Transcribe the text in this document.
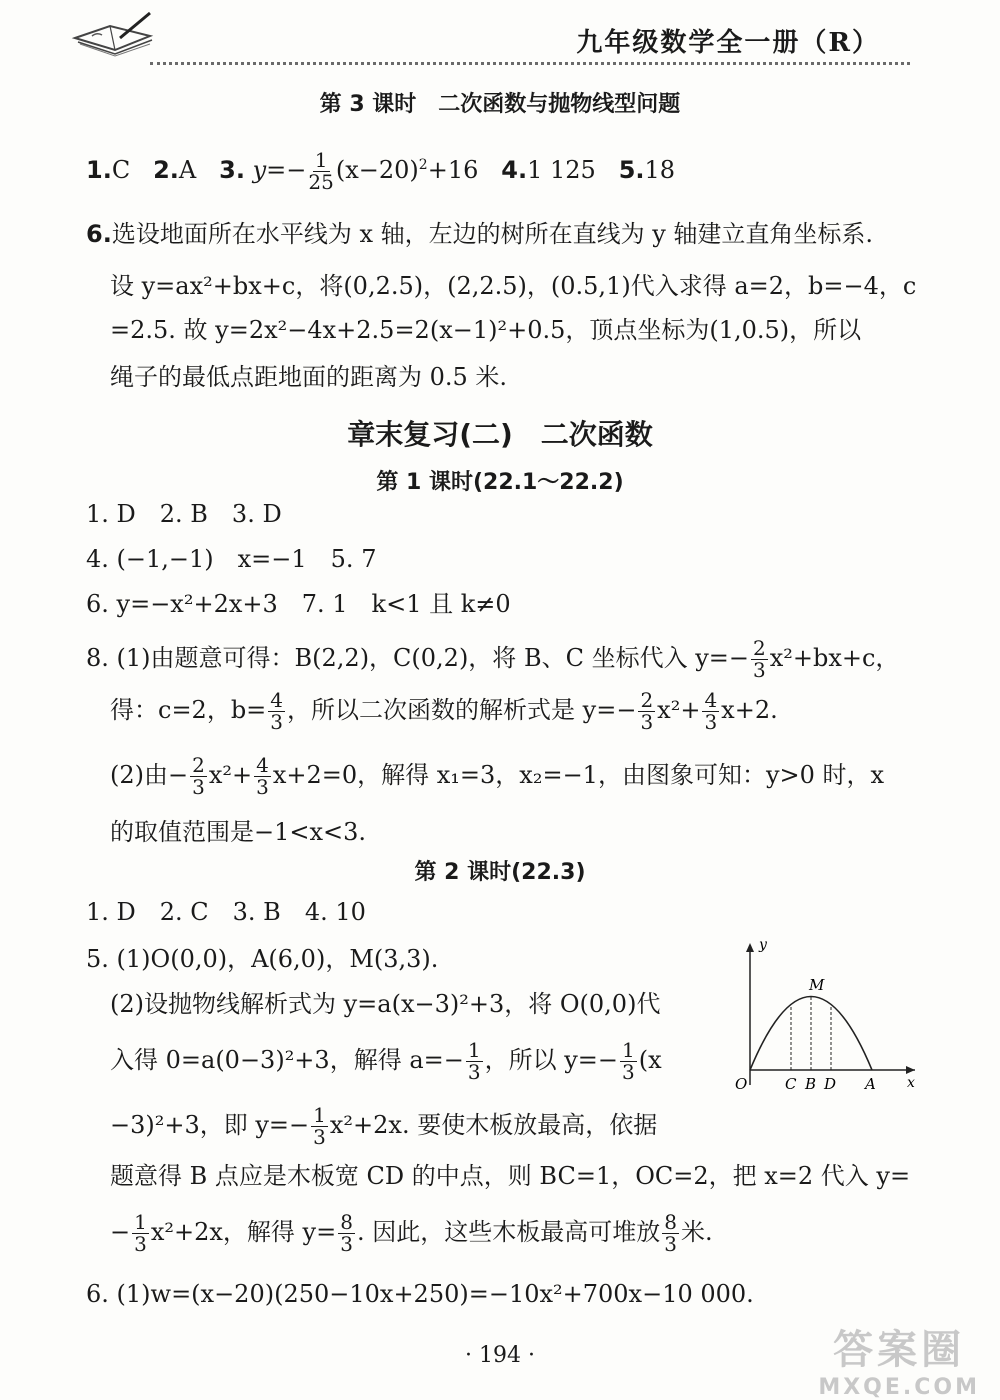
九年级数学全一册（R）
第 3 课时　二次函数与抛物线型问题
1.C 2.A 3. $y=- \frac{1}{25} (x-20)^2+16$ 4.1 125 5.18
6.选设地面所在水平线为 x 轴，左边的树所在直线为 y 轴建立直角坐标系.
设 y=ax²+bx+c，将(0,2.5)，(2,2.5)，(0.5,1)代入求得 a=2，b=−4，c
=2.5. 故 y=2x²−4x+2.5=2(x−1)²+0.5，顶点坐标为(1,0.5)，所以
绳子的最低点距地面的距离为 0.5 米.
章末复习(二)　二次函数
第 1 课时(22.1～22.2)
1. D　2. B　3. D
4. (−1,−1)　x=−1　5. 7
6. y=−x²+2x+3　7. 1　k<1 且 k≠0
8. (1)由题意可得：B(2,2)，C(0,2)，将 B、C 坐标代入 $y=- \frac{2}{3} x^2+bx+c$，
得：c=2，$b= \frac{4}{3}$ ，所以二次函数的解析式是 $y=- \frac{2}{3} x^2+ \frac{4}{3} x+2$.
(2)由− $\frac{2}{3} x^2+ \frac{4}{3} x+2=0$，解得 x₁=3，x₂=−1，由图象可知：y>0 时，x
的取值范围是−1<x<3.
第 2 课时(22.3)
1. D　2. C　3. B　4. 10
5. (1)O(0,0)，A(6,0)，M(3,3).
(2)设抛物线解析式为 y=a(x−3)²+3，将 O(0,0)代
入得 0=a(0−3)²+3，解得 $a=- \frac{1}{3}$ ，所以 $y=- \frac{1}{3} (x$
−3)²+3，即 $y=- \frac{1}{3} x^2+2x$. 要使木板放最高，依据
题意得 B 点应是木板宽 CD 的中点，则 BC=1，OC=2，把 x=2 代入 y=
− $\frac{1}{3} x^2+2x$，解得 $y= \frac{8}{3}$ . 因此，这些木板最高可堆放 $\frac{8}{3}$ 米.
6. (1)w=(x−20)(250−10x+250)=−10x²+700x−10 000.
y
x
O
M
C B D A
· 194 ·	答案圈
MXQE.COM
